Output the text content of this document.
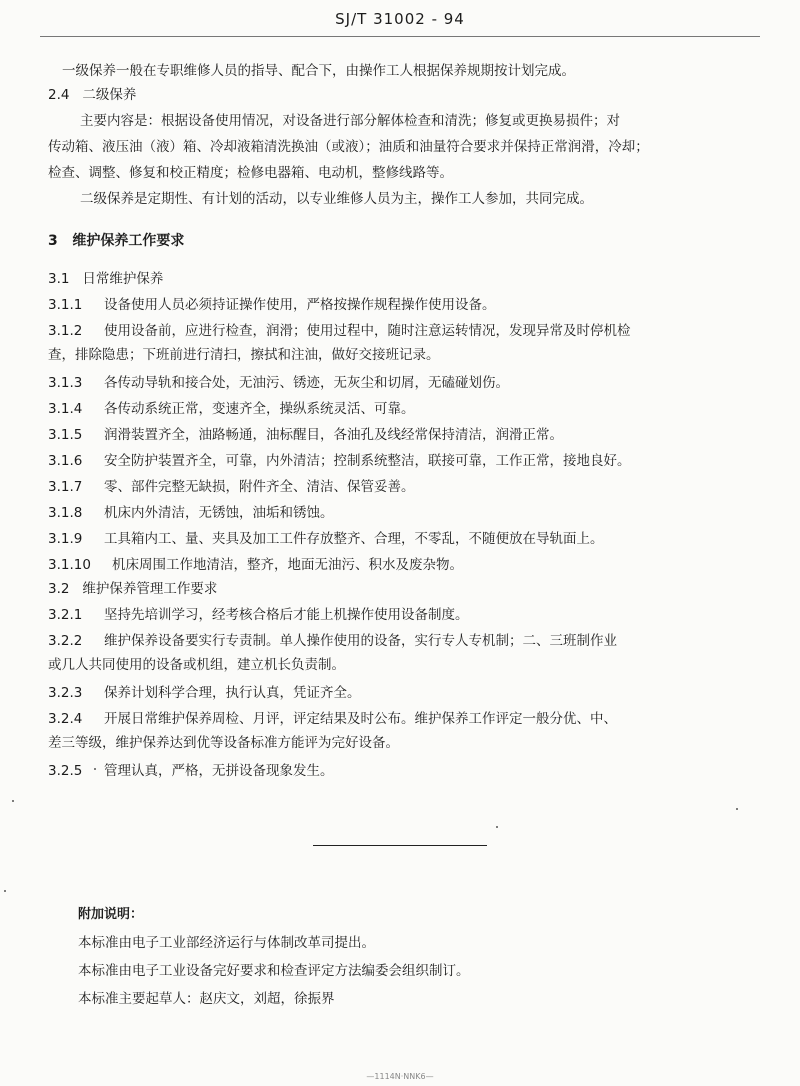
SJ/T 31002 - 94
一级保养一般在专职维修人员的指导、配合下，由操作工人根据保养规期按计划完成。
2.4 二级保养
主要内容是：根据设备使用情况，对设备进行部分解体检查和清洗；修复或更换易损件；对
传动箱、液压油（液）箱、冷却液箱清洗换油（或液）；油质和油量符合要求并保持正常润滑，冷却；
检查、调整、修复和校正精度；检修电器箱、电动机，整修线路等。
二级保养是定期性、有计划的活动，以专业维修人员为主，操作工人参加，共同完成。
3 维护保养工作要求
3.1 日常维护保养
3.1.1 设备使用人员必须持证操作使用，严格按操作规程操作使用设备。
3.1.2 使用设备前，应进行检查，润滑；使用过程中，随时注意运转情况，发现异常及时停机检
查，排除隐患；下班前进行清扫，擦拭和注油，做好交接班记录。
3.1.3 各传动导轨和接合处，无油污、锈迹，无灰尘和切屑，无磕碰划伤。
3.1.4 各传动系统正常，变速齐全，操纵系统灵活、可靠。
3.1.5 润滑装置齐全，油路畅通，油标醒目，各油孔及线经常保持清洁，润滑正常。
3.1.6 安全防护装置齐全，可靠，内外清洁；控制系统整洁，联接可靠，工作正常，接地良好。
3.1.7 零、部件完整无缺损，附件齐全、清洁、保管妥善。
3.1.8 机床内外清洁，无锈蚀，油垢和锈蚀。
3.1.9 工具箱内工、量、夹具及加工工件存放整齐、合理，不零乱，不随便放在导轨面上。
3.1.10 机床周围工作地清洁，整齐，地面无油污、积水及废杂物。
3.2 维护保养管理工作要求
3.2.1 坚持先培训学习，经考核合格后才能上机操作使用设备制度。
3.2.2 维护保养设备要实行专责制。单人操作使用的设备，实行专人专机制；二、三班制作业
或几人共同使用的设备或机组，建立机长负责制。
3.2.3 保养计划科学合理，执行认真，凭证齐全。
3.2.4 开展日常维护保养周检、月评，评定结果及时公布。维护保养工作评定一般分优、中、
差三等级，维护保养达到优等设备标准方能评为完好设备。
3.2.5 管理认真，严格，无拼设备现象发生。
附加说明：
本标准由电子工业部经济运行与体制改革司提出。
本标准由电子工业设备完好要求和检查评定方法编委会组织制订。
本标准主要起草人：赵庆文，刘超，徐振界
—1114N·NNK6—
